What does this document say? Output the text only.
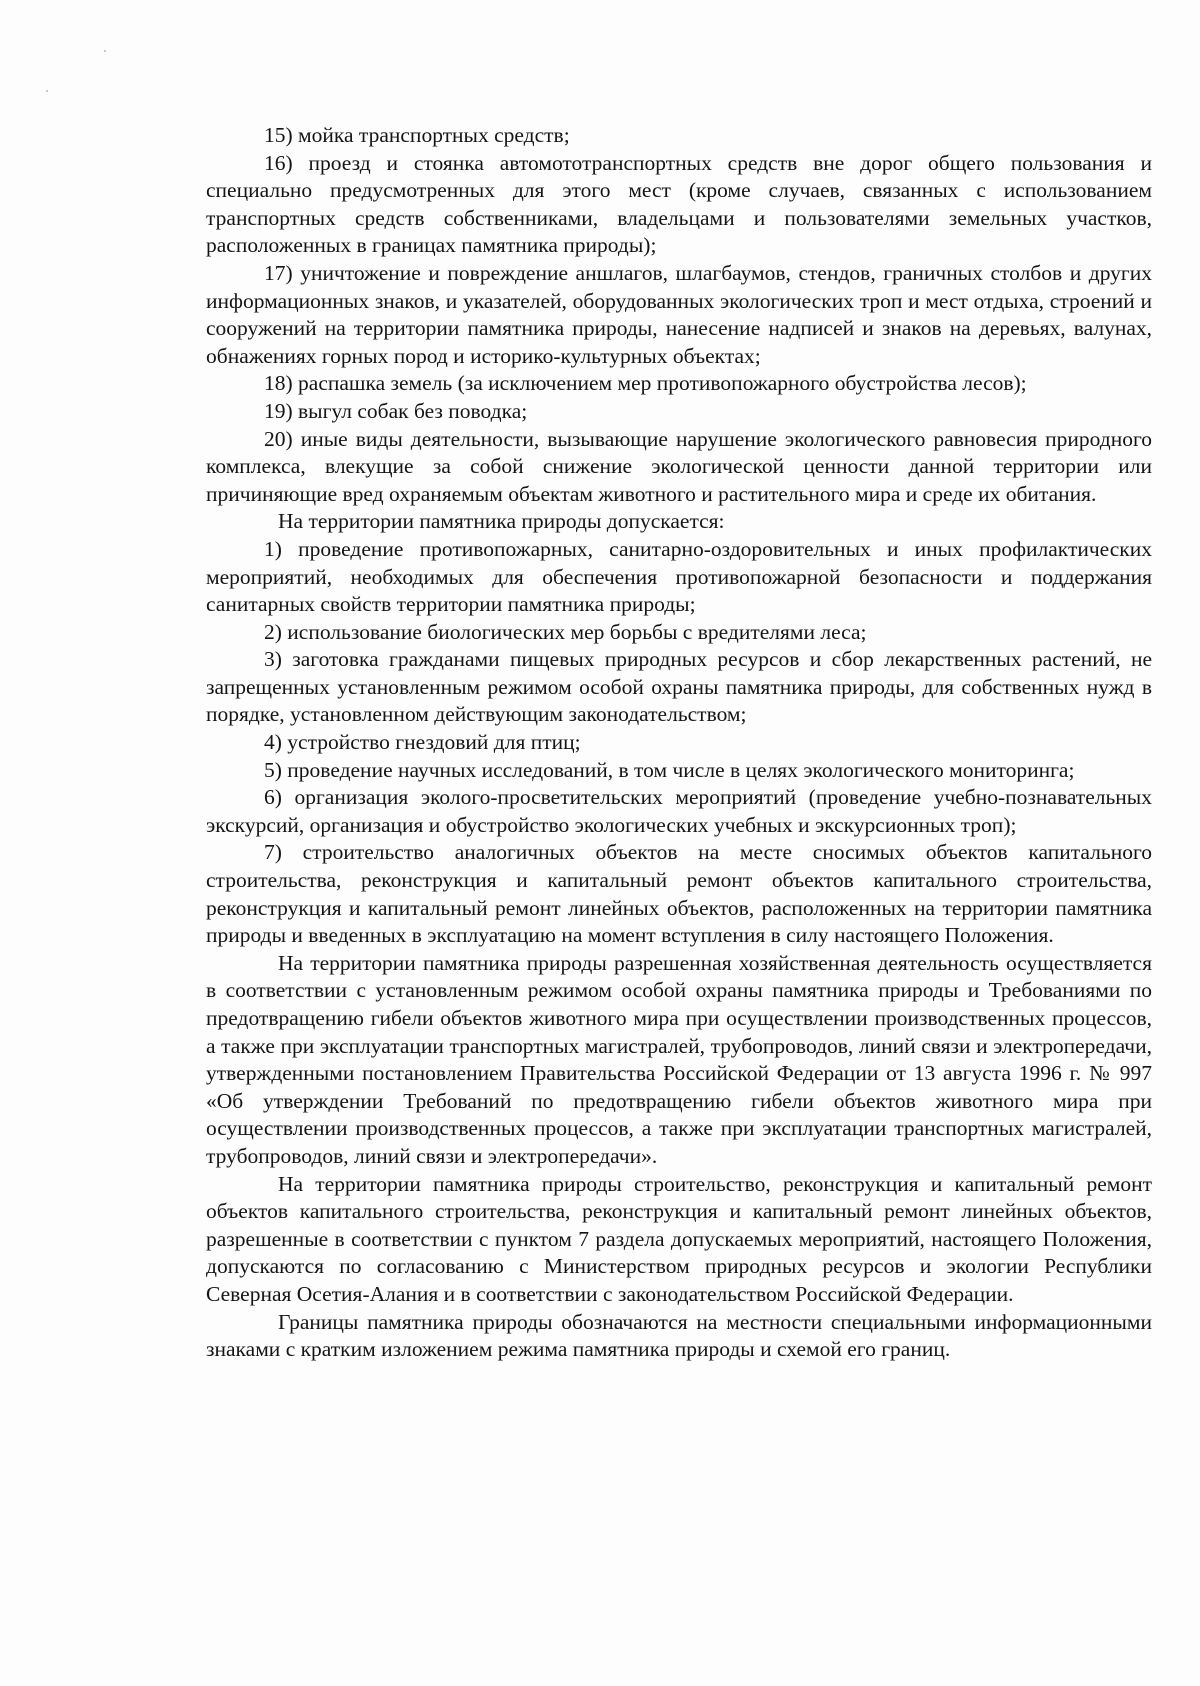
15) мойка транспортных средств;

16) проезд и стоянка автомототранспортных средств вне дорог общего пользования и специально предусмотренных для этого мест (кроме случаев, связанных с использованием транспортных средств собственниками, владельцами и пользователями земельных участков, расположенных в границах памятника природы);

17) уничтожение и повреждение аншлагов, шлагбаумов, стендов, граничных столбов и других информационных знаков, и указателей, оборудованных экологических троп и мест отдыха, строений и сооружений на территории памятника природы, нанесение надписей и знаков на деревьях, валунах, обнажениях горных пород и историко-культурных объектах;

18) распашка земель (за исключением мер противопожарного обустройства лесов);

19) выгул собак без поводка;

20) иные виды деятельности, вызывающие нарушение экологического равновесия природного комплекса, влекущие за собой снижение экологической ценности данной территории или причиняющие вред охраняемым объектам животного и растительного мира и среде их обитания.

На территории памятника природы допускается:

1) проведение противопожарных, санитарно-оздоровительных и иных профилактических мероприятий, необходимых для обеспечения противопожарной безопасности и поддержания санитарных свойств территории памятника природы;

2) использование биологических мер борьбы с вредителями леса;

3) заготовка гражданами пищевых природных ресурсов и сбор лекарственных растений, не запрещенных установленным режимом особой охраны памятника природы, для собственных нужд в порядке, установленном действующим законодательством;

4) устройство гнездовий для птиц;

5) проведение научных исследований, в том числе в целях экологического мониторинга;

6) организация эколого-просветительских мероприятий (проведение учебно-познавательных экскурсий, организация и обустройство экологических учебных и экскурсионных троп);

7) строительство аналогичных объектов на месте сносимых объектов капитального строительства, реконструкция и капитальный ремонт объектов капитального строительства, реконструкция и капитальный ремонт линейных объектов, расположенных на территории памятника природы и введенных в эксплуатацию на момент вступления в силу настоящего Положения.

На территории памятника природы разрешенная хозяйственная деятельность осуществляется в соответствии с установленным режимом особой охраны памятника природы и Требованиями по предотвращению гибели объектов животного мира при осуществлении производственных процессов, а также при эксплуатации транспортных магистралей, трубопроводов, линий связи и электропередачи, утвержденными постановлением Правительства Российской Федерации от 13 августа 1996 г. № 997 «Об утверждении Требований по предотвращению гибели объектов животного мира при осуществлении производственных процессов, а также при эксплуатации транспортных магистралей, трубопроводов, линий связи и электропередачи».

На территории памятника природы строительство, реконструкция и капитальный ремонт объектов капитального строительства, реконструкция и капитальный ремонт линейных объектов, разрешенные в соответствии с пунктом 7 раздела допускаемых мероприятий, настоящего Положения, допускаются по согласованию с Министерством природных ресурсов и экологии Республики Северная Осетия-Алания и в соответствии с законодательством Российской Федерации.

Границы памятника природы обозначаются на местности специальными информационными знаками с кратким изложением режима памятника природы и схемой его границ.
